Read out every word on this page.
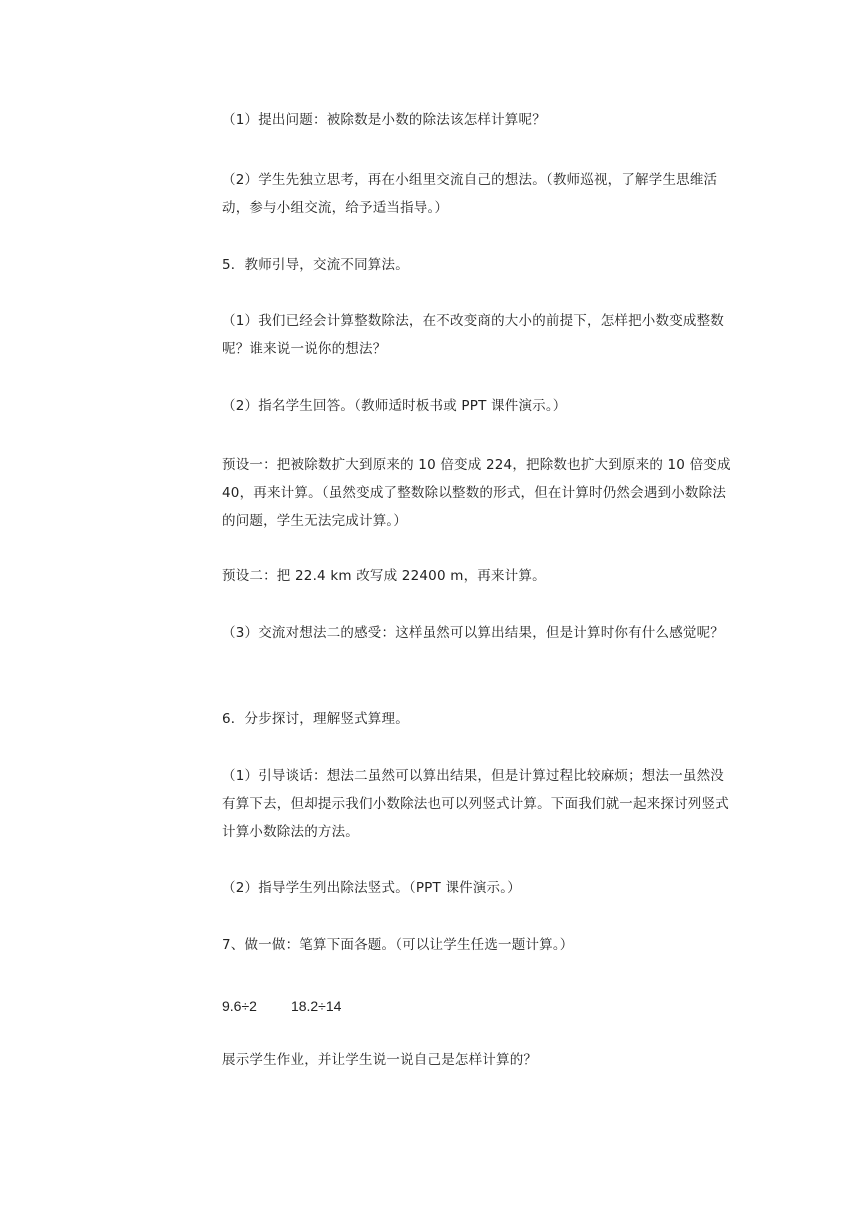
（1）提出问题：被除数是小数的除法该怎样计算呢？

（2）学生先独立思考，再在小组里交流自己的想法。（教师巡视，了解学生思维活动，参与小组交流，给予适当指导。）

5．教师引导，交流不同算法。

（1）我们已经会计算整数除法，在不改变商的大小的前提下，怎样把小数变成整数呢？谁来说一说你的想法？

（2）指名学生回答。（教师适时板书或 PPT 课件演示。）

预设一：把被除数扩大到原来的 10 倍变成 224，把除数也扩大到原来的 10 倍变成 40，再来计算。（虽然变成了整数除以整数的形式，但在计算时仍然会遇到小数除法的问题，学生无法完成计算。）

预设二：把 22.4 km 改写成 22400 m，再来计算。

（3）交流对想法二的感受：这样虽然可以算出结果，但是计算时你有什么感觉呢？

6．分步探讨，理解竖式算理。

（1）引导谈话：想法二虽然可以算出结果，但是计算过程比较麻烦；想法一虽然没有算下去，但却提示我们小数除法也可以列竖式计算。下面我们就一起来探讨列竖式计算小数除法的方法。

（2）指导学生列出除法竖式。（PPT 课件演示。）

7、做一做：笔算下面各题。（可以让学生任选一题计算。）

9.6÷2 18.2÷14

展示学生作业，并让学生说一说自己是怎样计算的？
